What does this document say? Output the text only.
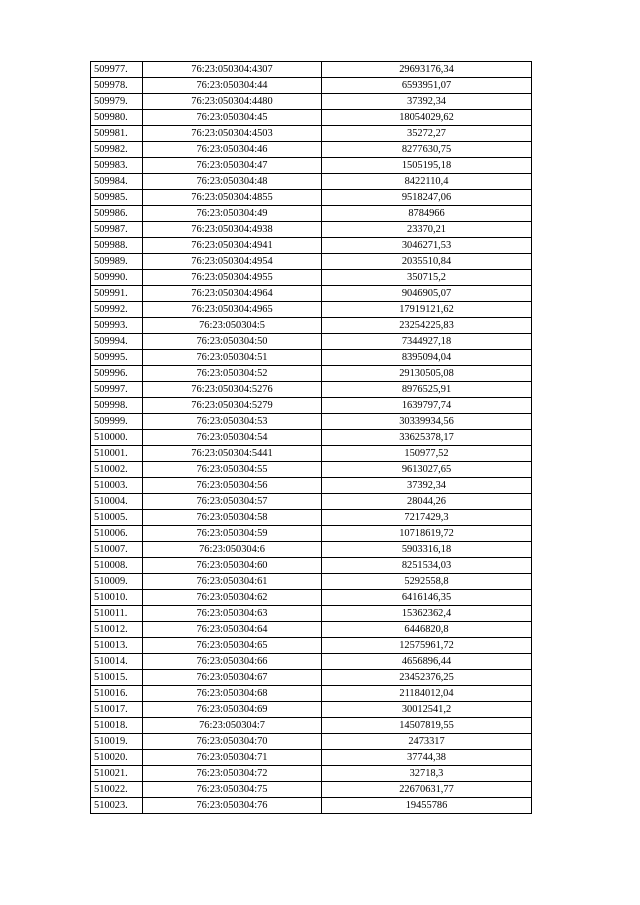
509977.	76:23:050304:4307	29693176,34
509978.	76:23:050304:44	6593951,07
509979.	76:23:050304:4480	37392,34
509980.	76:23:050304:45	18054029,62
509981.	76:23:050304:4503	35272,27
509982.	76:23:050304:46	8277630,75
509983.	76:23:050304:47	1505195,18
509984.	76:23:050304:48	8422110,4
509985.	76:23:050304:4855	9518247,06
509986.	76:23:050304:49	8784966
509987.	76:23:050304:4938	23370,21
509988.	76:23:050304:4941	3046271,53
509989.	76:23:050304:4954	2035510,84
509990.	76:23:050304:4955	350715,2
509991.	76:23:050304:4964	9046905,07
509992.	76:23:050304:4965	17919121,62
509993.	76:23:050304:5	23254225,83
509994.	76:23:050304:50	7344927,18
509995.	76:23:050304:51	8395094,04
509996.	76:23:050304:52	29130505,08
509997.	76:23:050304:5276	8976525,91
509998.	76:23:050304:5279	1639797,74
509999.	76:23:050304:53	30339934,56
510000.	76:23:050304:54	33625378,17
510001.	76:23:050304:5441	150977,52
510002.	76:23:050304:55	9613027,65
510003.	76:23:050304:56	37392,34
510004.	76:23:050304:57	28044,26
510005.	76:23:050304:58	7217429,3
510006.	76:23:050304:59	10718619,72
510007.	76:23:050304:6	5903316,18
510008.	76:23:050304:60	8251534,03
510009.	76:23:050304:61	5292558,8
510010.	76:23:050304:62	6416146,35
510011.	76:23:050304:63	15362362,4
510012.	76:23:050304:64	6446820,8
510013.	76:23:050304:65	12575961,72
510014.	76:23:050304:66	4656896,44
510015.	76:23:050304:67	23452376,25
510016.	76:23:050304:68	21184012,04
510017.	76:23:050304:69	30012541,2
510018.	76:23:050304:7	14507819,55
510019.	76:23:050304:70	2473317
510020.	76:23:050304:71	37744,38
510021.	76:23:050304:72	32718,3
510022.	76:23:050304:75	22670631,77
510023.	76:23:050304:76	19455786
